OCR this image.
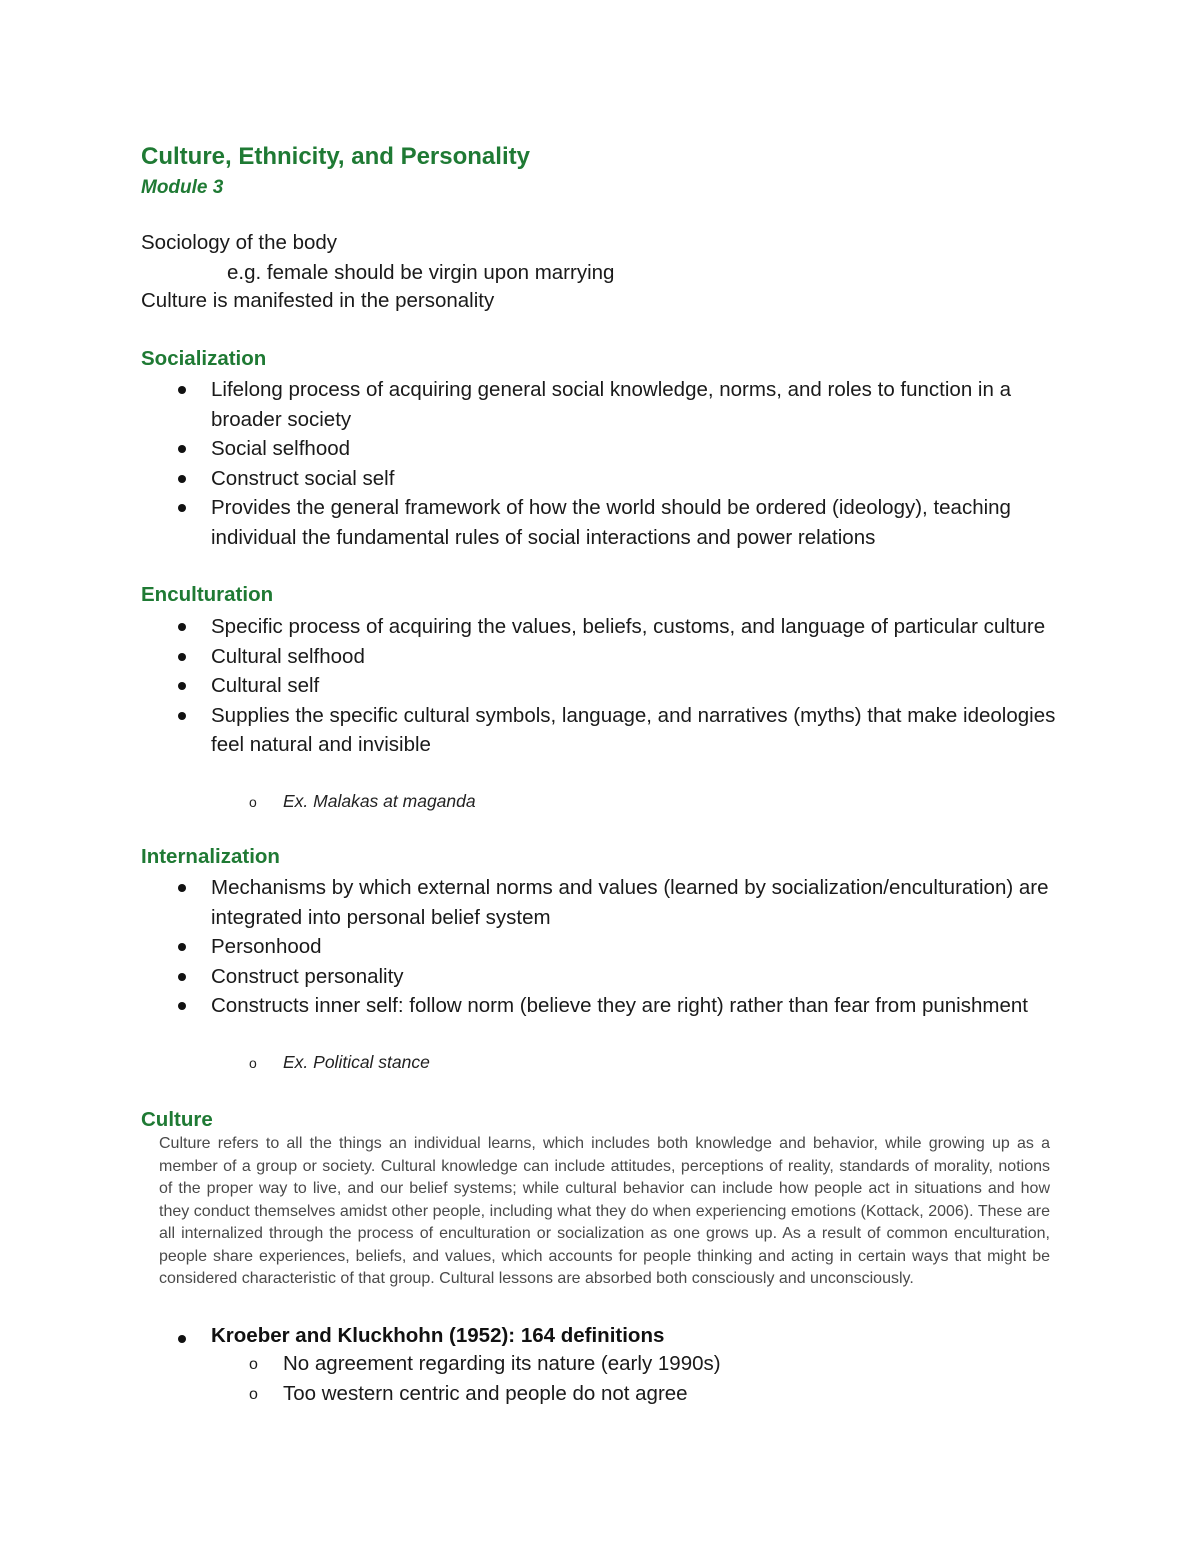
Culture, Ethnicity, and Personality
Module 3
Sociology of the body
e.g. female should be virgin upon marrying
Culture is manifested in the personality
Socialization
Lifelong process of acquiring general social knowledge, norms, and roles to function in a broader society
Social selfhood
Construct social self
Provides the general framework of how the world should be ordered (ideology), teaching individual the fundamental rules of social interactions and power relations
Enculturation
Specific process of acquiring the values, beliefs, customs, and language of particular culture
Cultural selfhood
Cultural self
Supplies the specific cultural symbols, language, and narratives (myths) that make ideologies feel natural and invisible
o Ex. Malakas at maganda
Internalization
Mechanisms by which external norms and values (learned by socialization/enculturation) are integrated into personal belief system
Personhood
Construct personality
Constructs inner self: follow norm (believe they are right) rather than fear from punishment
o Ex. Political stance
Culture
Culture refers to all the things an individual learns, which includes both knowledge and behavior, while growing up as a member of a group or society. Cultural knowledge can include attitudes, perceptions of reality, standards of morality, notions of the proper way to live, and our belief systems; while cultural behavior can include how people act in situations and how they conduct themselves amidst other people, including what they do when experiencing emotions (Kottack, 2006). These are all internalized through the process of enculturation or socialization as one grows up. As a result of common enculturation, people share experiences, beliefs, and values, which accounts for people thinking and acting in certain ways that might be considered characteristic of that group. Cultural lessons are absorbed both consciously and unconsciously.
Kroeber and Kluckhohn (1952): 164 definitions
o No agreement regarding its nature (early 1990s)
o Too western centric and people do not agree
